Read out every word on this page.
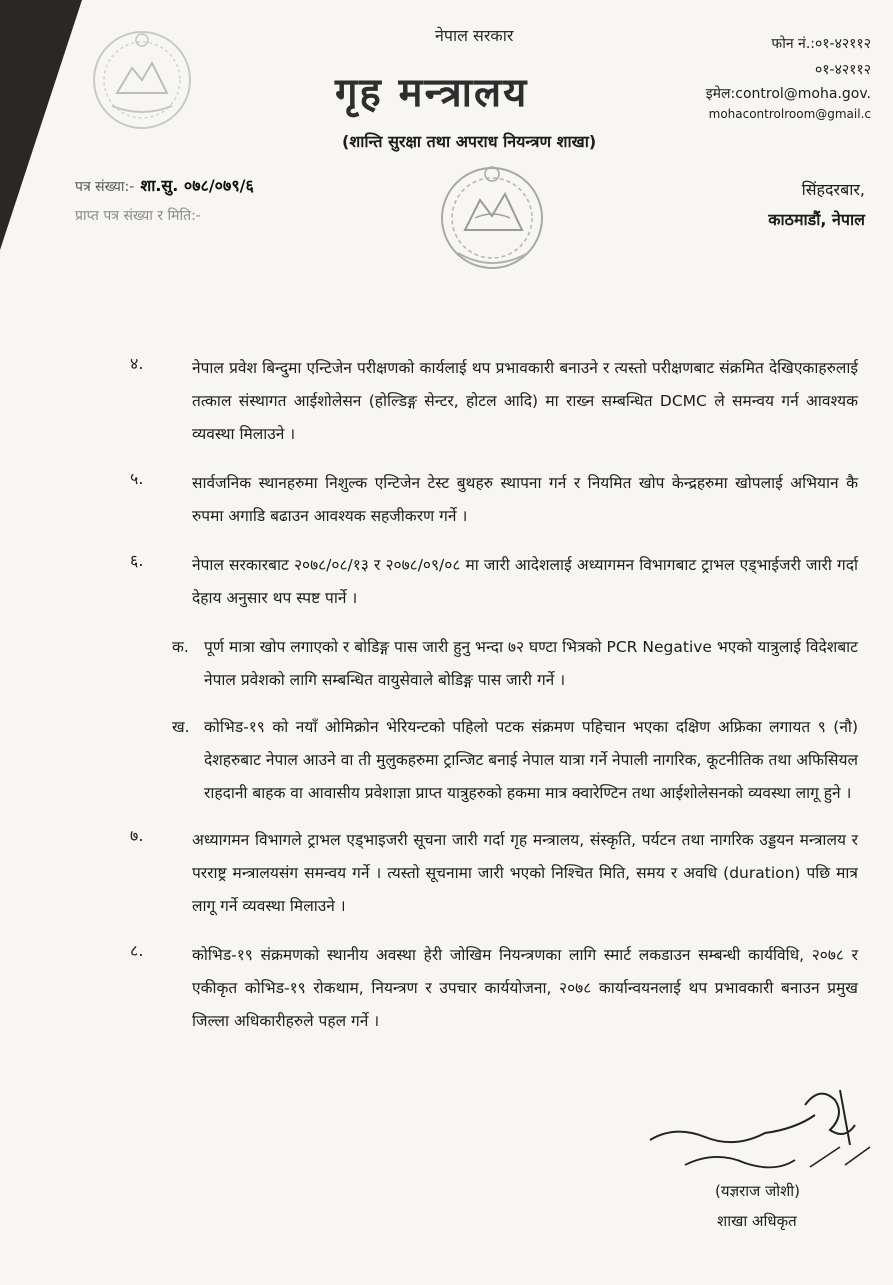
नेपाल सरकार
गृह मन्त्रालय
(शान्ति सुरक्षा तथा अपराध नियन्त्रण शाखा)
फोन नं.:०१-४२११२
०१-४२११२
इमेल:control@moha.gov.
mohacontrolroom@gmail.c
पत्र संख्या:- शा.सु. ०७८/०७९/६
प्राप्त पत्र संख्या र मिति:-
सिंहदरबार,
काठमाडौं, नेपाल
४.	नेपाल प्रवेश बिन्दुमा एन्टिजेन परीक्षणको कार्यलाई थप प्रभावकारी बनाउने र त्यस्तो परीक्षणबाट संक्रमित देखिएकाहरुलाई तत्काल संस्थागत आईशोलेसन (होल्डिङ्ग सेन्टर, होटल आदि) मा राख्न सम्बन्धित DCMC ले समन्वय गर्न आवश्यक व्यवस्था मिलाउने ।
५.	सार्वजनिक स्थानहरुमा निशुल्क एन्टिजेन टेस्ट बुथहरु स्थापना गर्न र नियमित खोप केन्द्रहरुमा खोपलाई अभियान कै रुपमा अगाडि बढाउन आवश्यक सहजीकरण गर्ने ।
६.	नेपाल सरकारबाट २०७८/०८/१३ र २०७८/०९/०८ मा जारी आदेशलाई अध्यागमन विभागबाट ट्राभल एड्भाईजरी जारी गर्दा देहाय अनुसार थप स्पष्ट पार्ने ।
क. पूर्ण मात्रा खोप लगाएको र बोडिङ्ग पास जारी हुनु भन्दा ७२ घण्टा भित्रको PCR Negative भएको यात्रुलाई विदेशबाट नेपाल प्रवेशको लागि सम्बन्धित वायुसेवाले बोडिङ्ग पास जारी गर्ने ।
ख. कोभिड-१९ को नयाँ ओमिक्रोन भेरियन्टको पहिलो पटक संक्रमण पहिचान भएका दक्षिण अफ्रिका लगायत ९ (नौ) देशहरुबाट नेपाल आउने वा ती मुलुकहरुमा ट्रान्जिट बनाई नेपाल यात्रा गर्ने नेपाली नागरिक, कूटनीतिक तथा अफिसियल राहदानी बाहक वा आवासीय प्रवेशाज्ञा प्राप्त यात्रुहरुको हकमा मात्र क्वारेण्टिन तथा आईशोलेसनको व्यवस्था लागू हुने ।
७.	अध्यागमन विभागले ट्राभल एड्भाइजरी सूचना जारी गर्दा गृह मन्त्रालय, संस्कृति, पर्यटन तथा नागरिक उड्डयन मन्त्रालय र परराष्ट्र मन्त्रालयसंग समन्वय गर्ने । त्यस्तो सूचनामा जारी भएको निश्चित मिति, समय र अवधि (duration) पछि मात्र लागू गर्ने व्यवस्था मिलाउने ।
८.	कोभिड-१९ संक्रमणको स्थानीय अवस्था हेरी जोखिम नियन्त्रणका लागि स्मार्ट लकडाउन सम्बन्धी कार्यविधि, २०७८ र एकीकृत कोभिड-१९ रोकथाम, नियन्त्रण र उपचार कार्ययोजना, २०७८ कार्यान्वयनलाई थप प्रभावकारी बनाउन प्रमुख जिल्ला अधिकारीहरुले पहल गर्ने ।
(यज्ञराज जोशी)
शाखा अधिकृत
